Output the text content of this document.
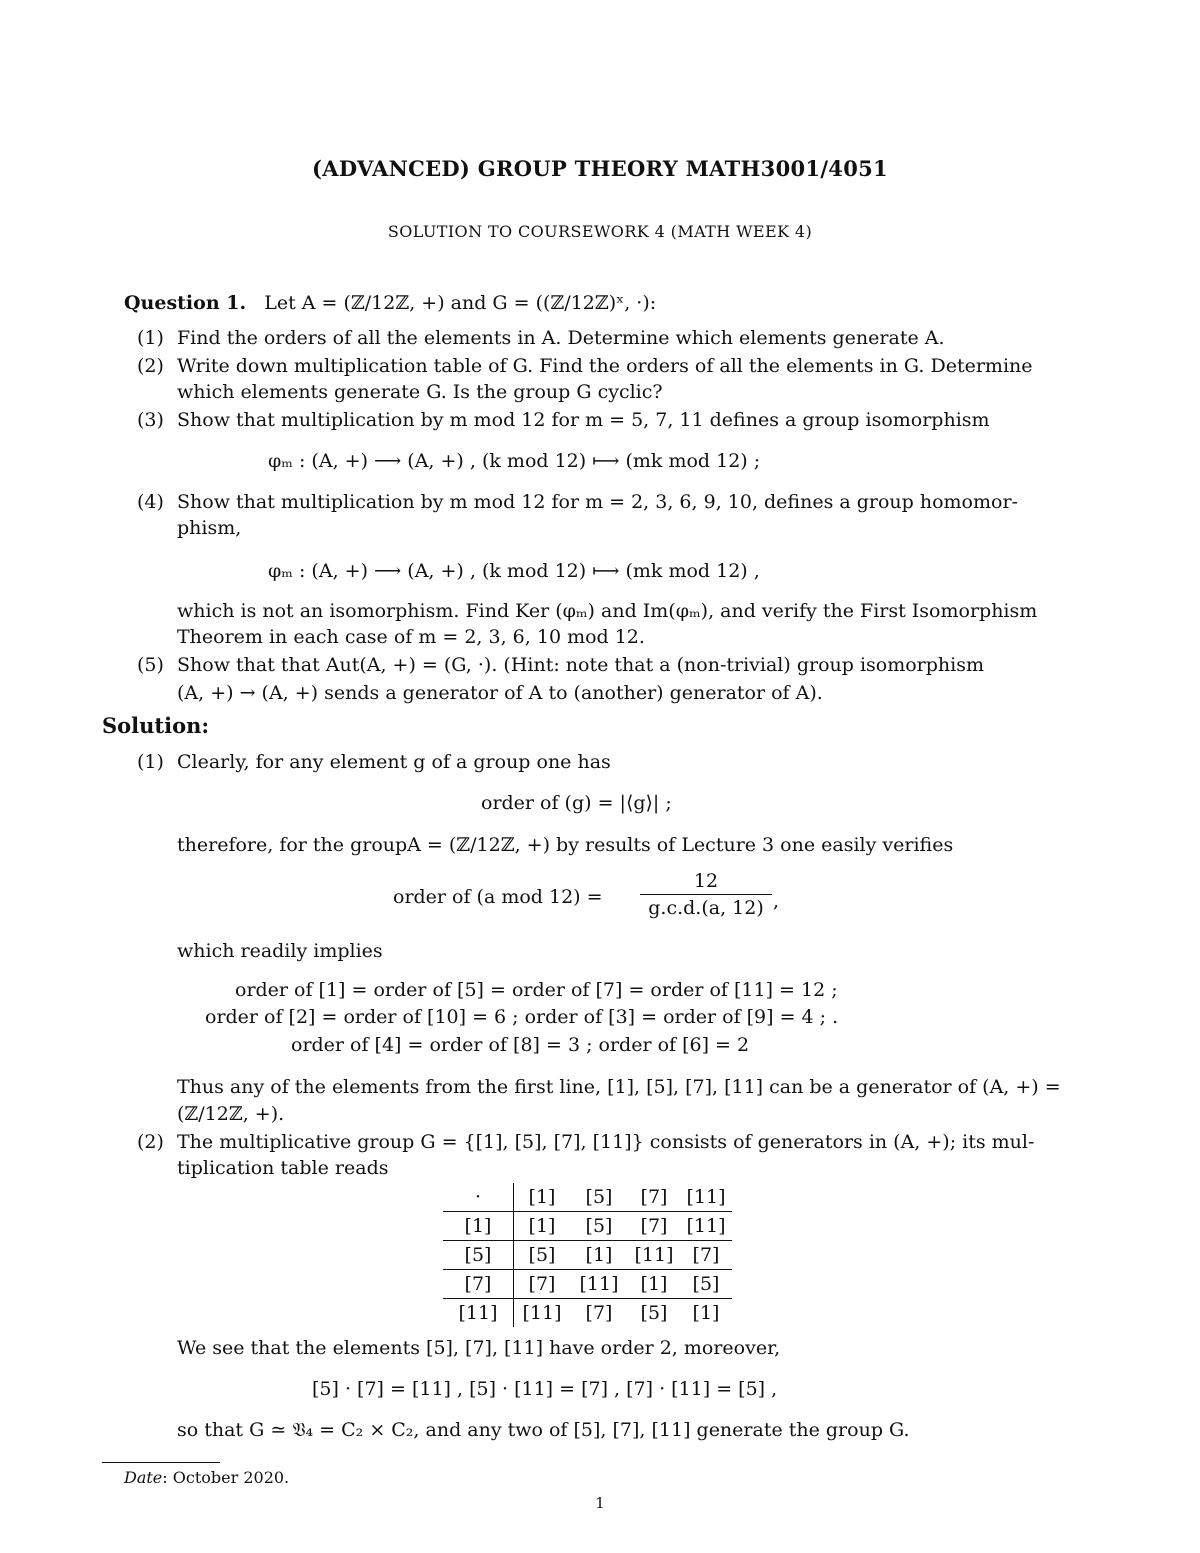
(ADVANCED) GROUP THEORY MATH3001/4051
SOLUTION TO COURSEWORK 4 (MATH WEEK 4)
Question 1. Let A = (ℤ/12ℤ, +) and G = ((ℤ/12ℤ)ˣ, ·):
(1) Find the orders of all the elements in A. Determine which elements generate A.
(2) Write down multiplication table of G. Find the orders of all the elements in G. Determine
which elements generate G. Is the group G cyclic?
(3) Show that multiplication by m mod 12 for m = 5, 7, 11 defines a group isomorphism
φₘ : (A, +) ⟶ (A, +) , (k mod 12) ⟼ (mk mod 12) ;
(4) Show that multiplication by m mod 12 for m = 2, 3, 6, 9, 10, defines a group homomor-
phism,
φₘ : (A, +) ⟶ (A, +) , (k mod 12) ⟼ (mk mod 12) ,
which is not an isomorphism. Find Ker (φₘ) and Im(φₘ), and verify the First Isomorphism
Theorem in each case of m = 2, 3, 6, 10 mod 12.
(5) Show that that Aut(A, +) = (G, ·). (Hint: note that a (non-trivial) group isomorphism
(A, +) → (A, +) sends a generator of A to (another) generator of A).
Solution:
(1) Clearly, for any element g of a group one has
order of (g) = |⟨g⟩| ;
therefore, for the groupA = (ℤ/12ℤ, +) by results of Lecture 3 one easily verifies
order of (a mod $12) = \frac{12}{g.c.d.(a, 12)}$ ,
which readily implies
order of [1] = order of [5] = order of [7] = order of [11] = 12 ;
order of [2] = order of [10] = 6 ; order of [3] = order of [9] = 4 ; .
order of [4] = order of [8] = 3 ; order of [6] = 2
Thus any of the elements from the first line, [1], [5], [7], [11] can be a generator of (A, +) =
(ℤ/12ℤ, +).
(2) The multiplicative group G = {[1], [5], [7], [11]} consists of generators in (A, +); its mul-
tiplication table reads
·	[1]	[5]	[7]	[11]
[1]	[1]	[5]	[7]	[11]
[5]	[5]	[1]	[11]	[7]
[7]	[7]	[11]	[1]	[5]
[11]	[11]	[7]	[5]	[1]
We see that the elements [5], [7], [11] have order 2, moreover,
[5] · [7] = [11] , [5] · [11] = [7] , [7] · [11] = [5] ,
so that G ≃ 𝔙₄ = C₂ × C₂, and any two of [5], [7], [11] generate the group G.
Date: October 2020.
1
